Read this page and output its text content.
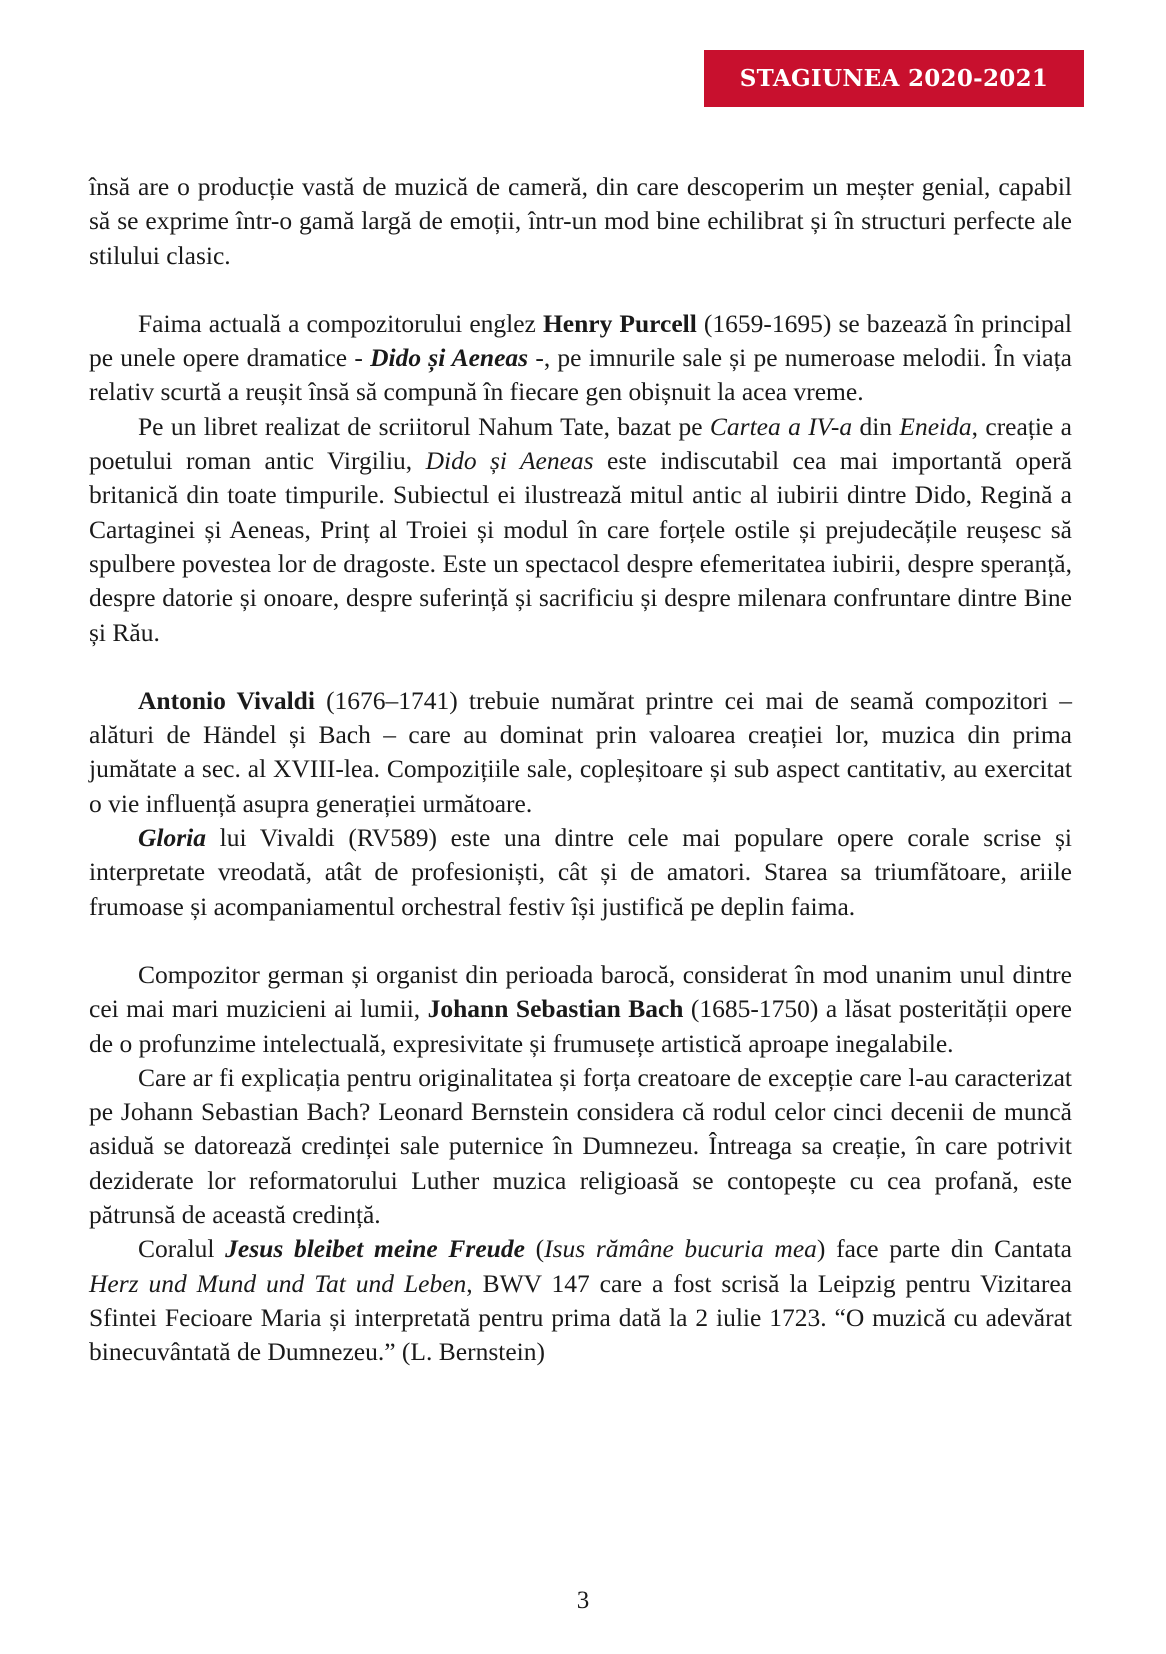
STAGIUNEA 2020-2021

însă are o producție vastă de muzică de cameră, din care descoperim un meșter genial, capabil să se exprime într-o gamă largă de emoții, într-un mod bine echilibrat și în structuri perfecte ale stilului clasic.

Faima actuală a compozitorului englez Henry Purcell (1659-1695) se bazează în principal pe unele opere dramatice - Dido și Aeneas -, pe imnurile sale și pe numeroase melodii. În viața relativ scurtă a reușit însă să compună în fiecare gen obișnuit la acea vreme.

Pe un libret realizat de scriitorul Nahum Tate, bazat pe Cartea a IV-a din Eneida, creație a poetului roman antic Virgiliu, Dido și Aeneas este indiscutabil cea mai importantă operă britanică din toate timpurile. Subiectul ei ilustrează mitul antic al iubirii dintre Dido, Regină a Cartaginei și Aeneas, Prinț al Troiei și modul în care forțele ostile și prejudecățile reușesc să spulbere povestea lor de dragoste. Este un spectacol despre efemeritatea iubirii, despre speranță, despre datorie și onoare, despre suferință și sacrificiu și despre milenara confruntare dintre Bine și Rău.

Antonio Vivaldi (1676–1741) trebuie numărat printre cei mai de seamă compozitori – alături de Händel și Bach – care au dominat prin valoarea creației lor, muzica din prima jumătate a sec. al XVIII-lea. Compozițiile sale, copleșitoare și sub aspect cantitativ, au exercitat o vie influență asupra generației următoare.

Gloria lui Vivaldi (RV589) este una dintre cele mai populare opere corale scrise și interpretate vreodată, atât de profesioniști, cât și de amatori. Starea sa triumfătoare, ariile frumoase și acompaniamentul orchestral festiv își justifică pe deplin faima.

Compozitor german și organist din perioada barocă, considerat în mod unanim unul dintre cei mai mari muzicieni ai lumii, Johann Sebastian Bach (1685-1750) a lăsat posterității opere de o profunzime intelectuală, expresivitate și frumusețe artistică aproape inegalabile.

Care ar fi explicația pentru originalitatea și forța creatoare de excepție care l-au caracterizat pe Johann Sebastian Bach? Leonard Bernstein considera că rodul celor cinci decenii de muncă asiduă se datorează credinței sale puternice în Dumnezeu. Întreaga sa creație, în care potrivit deziderate lor reformatorului Luther muzica religioasă se contopește cu cea profană, este pătrunsă de această credință.

Coralul Jesus bleibet meine Freude (Isus rămâne bucuria mea) face parte din Cantata Herz und Mund und Tat und Leben, BWV 147 care a fost scrisă la Leipzig pentru Vizitarea Sfintei Fecioare Maria și interpretată pentru prima dată la 2 iulie 1723. “O muzică cu adevărat binecuvântată de Dumnezeu.” (L. Bernstein)

3
